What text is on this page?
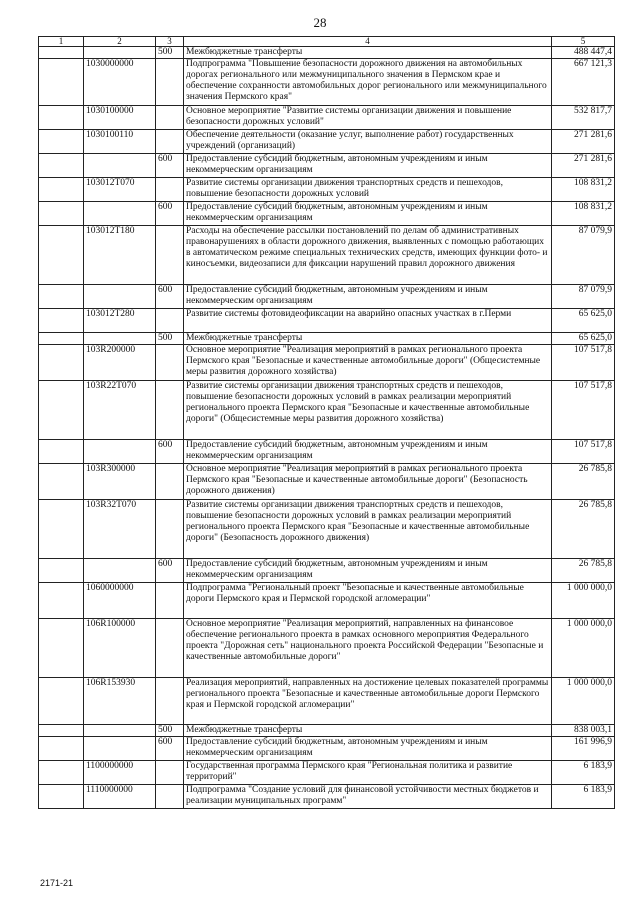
28
1	2	3	4	5
		500	Межбюджетные трансферты	488 447,4
	1030000000		Подпрограмма "Повышение безопасности дорожного движения на автомобильных дорогах регионального или межмуниципального значения в Пермском крае и обеспечение сохранности автомобильных дорог регионального или межмуниципального значения Пермского края"	667 121,3
	1030100000		Основное мероприятие "Развитие системы организации движения и повышение безопасности дорожных условий"	532 817,7
	1030100110		Обеспечение деятельности (оказание услуг, выполнение работ) государственных учреждений (организаций)	271 281,6
		600	Предоставление субсидий бюджетным, автономным учреждениям и иным некоммерческим организациям	271 281,6
	103012Т070		Развитие системы организации движения транспортных средств и пешеходов, повышение безопасности дорожных условий	108 831,2
		600	Предоставление субсидий бюджетным, автономным учреждениям и иным некоммерческим организациям	108 831,2
	103012Т180		Расходы на обеспечение рассылки постановлений по делам об административных правонарушениях в области дорожного движения, выявленных с помощью работающих в автоматическом режиме специальных технических средств, имеющих функции фото- и киносъемки, видеозаписи для фиксации нарушений правил дорожного движения	87 079,9
		600	Предоставление субсидий бюджетным, автономным учреждениям и иным некоммерческим организациям	87 079,9
	103012Т280		Развитие системы фотовидеофиксации на аварийно опасных участках в г.Перми	65 625,0
		500	Межбюджетные трансферты	65 625,0
	103R200000		Основное мероприятие "Реализация мероприятий в рамках регионального проекта Пермского края "Безопасные и качественные автомобильные дороги" (Общесистемные меры развития дорожного хозяйства)	107 517,8
	103R22Т070		Развитие системы организации движения транспортных средств и пешеходов, повышение безопасности дорожных условий в рамках реализации мероприятий регионального проекта Пермского края "Безопасные и качественные автомобильные дороги" (Общесистемные меры развития дорожного хозяйства)	107 517,8
		600	Предоставление субсидий бюджетным, автономным учреждениям и иным некоммерческим организациям	107 517,8
	103R300000		Основное мероприятие "Реализация мероприятий в рамках регионального проекта Пермского края "Безопасные и качественные автомобильные дороги" (Безопасность дорожного движения)	26 785,8
	103R32Т070		Развитие системы организации движения транспортных средств и пешеходов, повышение безопасности дорожных условий в рамках реализации мероприятий регионального проекта Пермского края "Безопасные и качественные автомобильные дороги" (Безопасность дорожного движения)	26 785,8
		600	Предоставление субсидий бюджетным, автономным учреждениям и иным некоммерческим организациям	26 785,8
	1060000000		Подпрограмма "Региональный проект "Безопасные и качественные автомобильные дороги Пермского края и Пермской городской агломерации"	1 000 000,0
	106R100000		Основное мероприятие "Реализация мероприятий, направленных на финансовое обеспечение регионального проекта в рамках основного мероприятия Федерального проекта "Дорожная сеть" национального проекта Российской Федерации "Безопасные и качественные автомобильные дороги"	1 000 000,0
	106R153930		Реализация мероприятий, направленных на достижение целевых показателей программы регионального проекта "Безопасные и качественные автомобильные дороги Пермского края и Пермской городской агломерации"	1 000 000,0
		500	Межбюджетные трансферты	838 003,1
		600	Предоставление субсидий бюджетным, автономным учреждениям и иным некоммерческим организациям	161 996,9
	1100000000		Государственная программа Пермского края "Региональная политика и развитие территорий"	6 183,9
	1110000000		Подпрограмма "Создание условий для финансовой устойчивости местных бюджетов и реализации муниципальных программ"	6 183,9
2171-21
